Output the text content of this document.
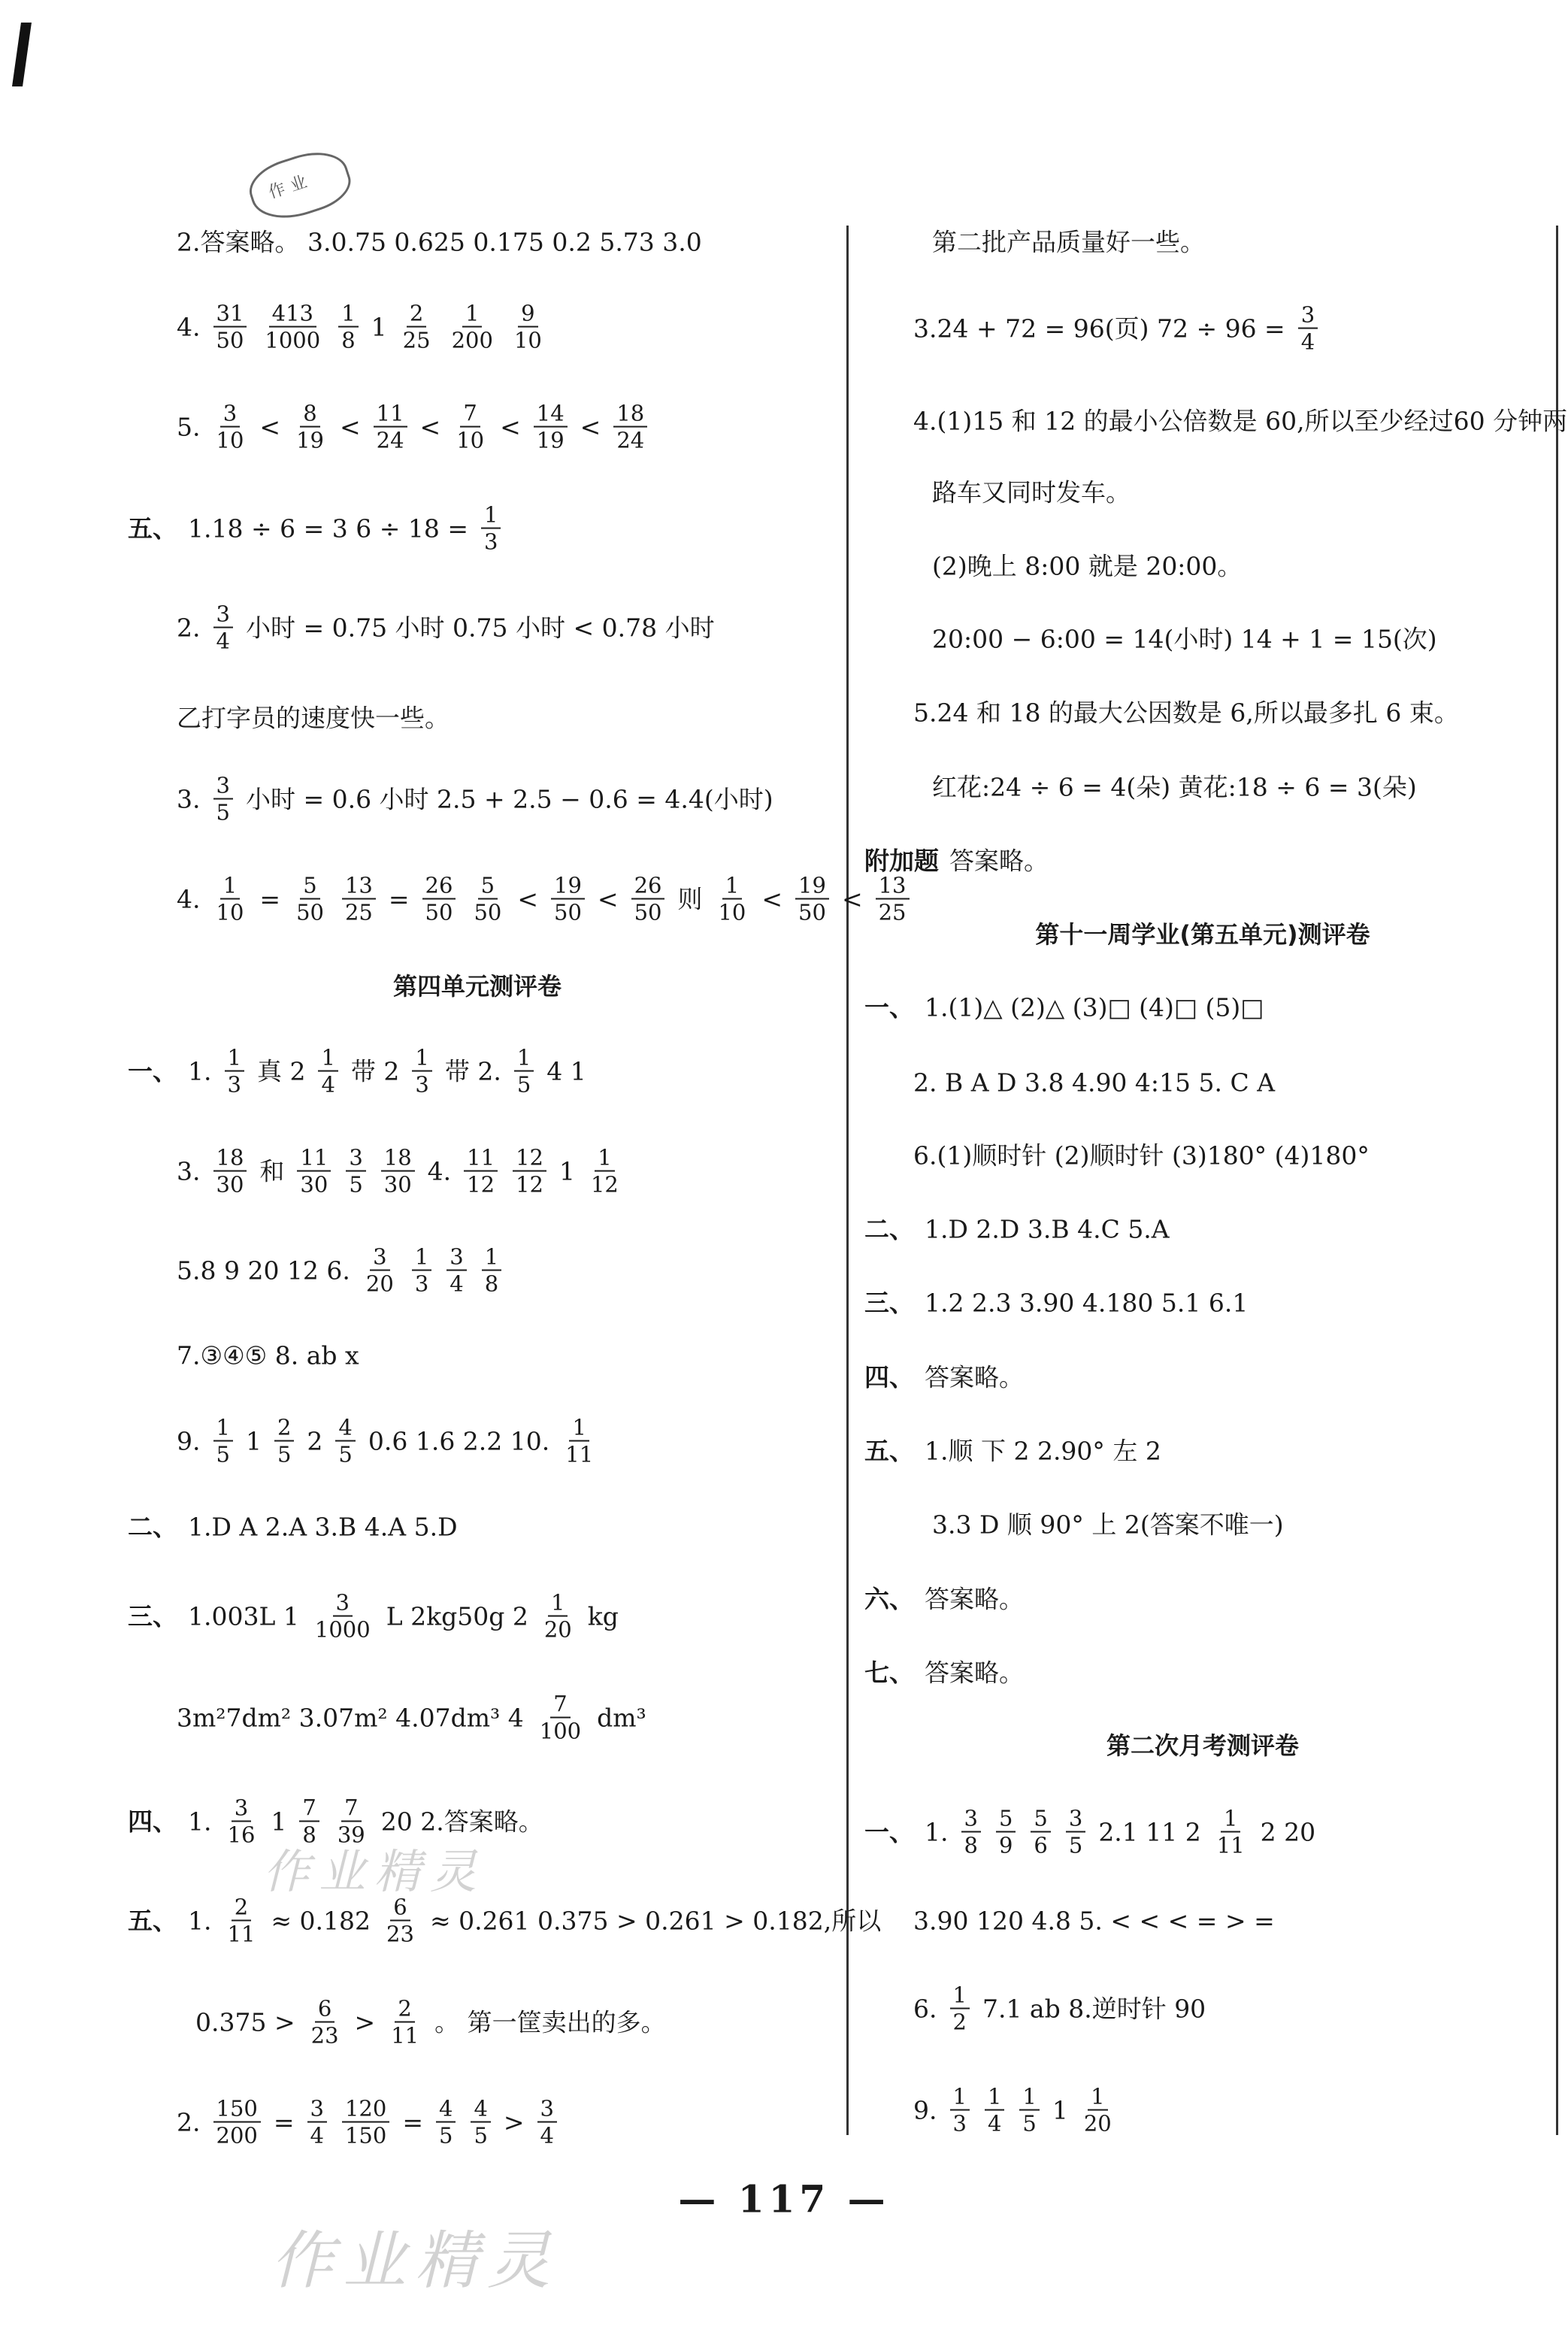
作业
2.答案略。 3.0.75 0.625 0.175 0.2 5.73 3.0
4. $\frac{31}{50} \frac{413}{1000} \frac{1}{8} 1 \frac{2}{25} \frac{1}{200} \frac{9}{10}$
5. $\frac{3}{10} < \frac{8}{19} < \frac{11}{24} < \frac{7}{10} < \frac{14}{19} < \frac{18}{24}$
五、 1.18 ÷ 6 = 3 $6 \div 18 = \frac{1}{3}$
2. $\frac{3}{4}$ 小时 = 0.75 小时 0.75 小时 < 0.78 小时
乙打字员的速度快一些。
3. $\frac{3}{5}$ 小时 = 0.6 小时 2.5 + 2.5 − 0.6 = 4.4(小时)
4. $\frac{1}{10} = \frac{5}{50} \frac{13}{25} = \frac{26}{50} \frac{5}{50} < \frac{19}{50} < \frac{26}{50}$ 则 $\frac{1}{10} < \frac{19}{50} < \frac{13}{25}$
第四单元测评卷
一、 1. $\frac{1}{3}$ 真 $2 \frac{1}{4}$ 带 $2 \frac{1}{3}$ 带 2. $\frac{1}{5} 4$ 1
3. $\frac{18}{30}$ 和 $\frac{11}{30} \frac{3}{5} \frac{18}{30} 4$. $\frac{11}{12} \frac{12}{12} 1 \frac{1}{12}$
5.8 9 20 12 6. $\frac{3}{20} \frac{1}{3} \frac{3}{4} \frac{1}{8}$
7.③④⑤ 8. ab x
9. $\frac{1}{5} 1 \frac{2}{5} 2 \frac{4}{5} 0.6$ 1.6 2.2 10. $\frac{1}{11}$
二、 1.D A 2.A 3.B 4.A 5.D
三、 1.003L $1 \frac{3}{1000}$ L 2kg50g $2 \frac{1}{20}$ kg
3m²7dm² 3.07m² 4.07dm³ $4 \frac{7}{100} dm^3$
四、 1. $\frac{3}{16} 1 \frac{7}{8} \frac{7}{39} 20$ 2.答案略。
五、 1. $\frac{2}{11} \approx 0.182 \frac{6}{23} \approx 0.261$ 0.375 > 0.261 > 0.182,所以
$0.375 > \frac{6}{23} > \frac{2}{11}$ 。 第一筐卖出的多。
2. $\frac{150}{200} = \frac{3}{4} \frac{120}{150} = \frac{4}{5} \frac{4}{5} > \frac{3}{4}$
第二批产品质量好一些。
3.24 + 72 = 96(页) $72 \div 96 = \frac{3}{4}$
4.(1)15 和 12 的最小公倍数是 60,所以至少经过60 分钟两
路车又同时发车。
(2)晚上 8:00 就是 20:00。
20:00 − 6:00 = 14(小时) 14 + 1 = 15(次)
5.24 和 18 的最大公因数是 6,所以最多扎 6 束。
红花:24 ÷ 6 = 4(朵) 黄花:18 ÷ 6 = 3(朵)
附加题 答案略。
第十一周学业(第五单元)测评卷
一、 1.(1)△ (2)△ (3)□ (4)□ (5)□
2. B A D 3.8 4.90 4:15 5. C A
6.(1)顺时针 (2)顺时针 (3)180° (4)180°
二、 1.D 2.D 3.B 4.C 5.A
三、 1.2 2.3 3.90 4.180 5.1 6.1
四、 答案略。
五、 1.顺 下 2 2.90° 左 2
3.3 D 顺 90° 上 2(答案不唯一)
六、 答案略。
七、 答案略。
第二次月考测评卷
一、 1. $\frac{3}{8} \frac{5}{9} \frac{5}{6} \frac{3}{5} 2.1$ 11 $2 \frac{1}{11} 2$ 20
3.90 120 4.8 5. < < < = > =
6. $\frac{1}{2} 7.1$ ab 8.逆时针 90
9. $\frac{1}{3} \frac{1}{4} \frac{1}{5} 1 \frac{1}{20}$
作业精灵
作业精灵
— 117 —
